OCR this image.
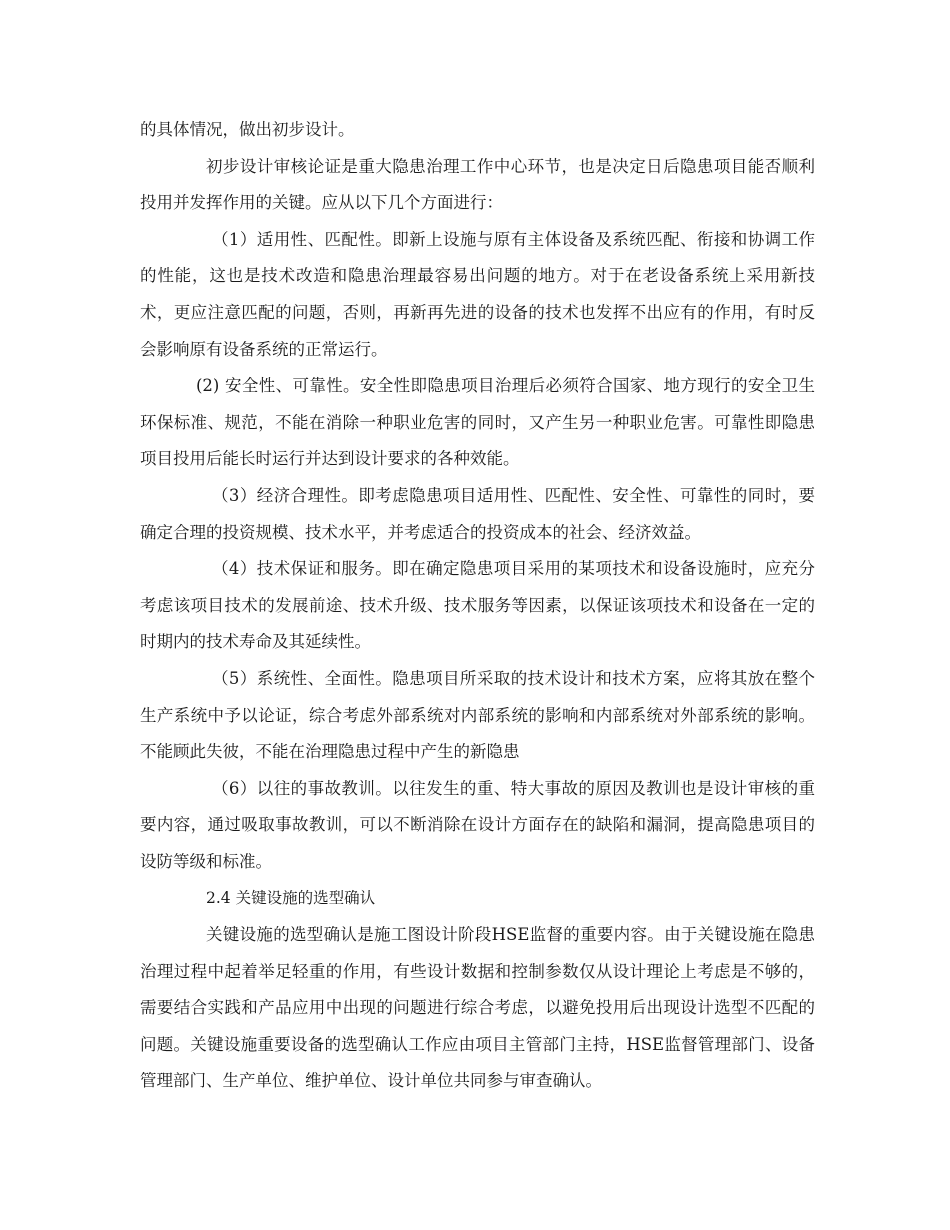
的具体情况，做出初步设计。

初步设计审核论证是重大隐患治理工作中心环节，也是决定日后隐患项目能否顺利投用并发挥作用的关键。应从以下几个方面进行：

（1）适用性、匹配性。即新上设施与原有主体设备及系统匹配、衔接和协调工作的性能，这也是技术改造和隐患治理最容易出问题的地方。对于在老设备系统上采用新技术，更应注意匹配的问题，否则，再新再先进的设备的技术也发挥不出应有的作用，有时反会影响原有设备系统的正常运行。

(2) 安全性、可靠性。安全性即隐患项目治理后必须符合国家、地方现行的安全卫生环保标准、规范，不能在消除一种职业危害的同时，又产生另一种职业危害。可靠性即隐患项目投用后能长时运行并达到设计要求的各种效能。

（3）经济合理性。即考虑隐患项目适用性、匹配性、安全性、可靠性的同时，要确定合理的投资规模、技术水平，并考虑适合的投资成本的社会、经济效益。

（4）技术保证和服务。即在确定隐患项目采用的某项技术和设备设施时，应充分考虑该项目技术的发展前途、技术升级、技术服务等因素，以保证该项技术和设备在一定的时期内的技术寿命及其延续性。

（5）系统性、全面性。隐患项目所采取的技术设计和技术方案，应将其放在整个生产系统中予以论证，综合考虑外部系统对内部系统的影响和内部系统对外部系统的影响。不能顾此失彼，不能在治理隐患过程中产生的新隐患

（6）以往的事故教训。以往发生的重、特大事故的原因及教训也是设计审核的重要内容，通过吸取事故教训，可以不断消除在设计方面存在的缺陷和漏洞，提高隐患项目的设防等级和标准。

2.4 关键设施的选型确认

关键设施的选型确认是施工图设计阶段HSE监督的重要内容。由于关键设施在隐患治理过程中起着举足轻重的作用，有些设计数据和控制参数仅从设计理论上考虑是不够的，需要结合实践和产品应用中出现的问题进行综合考虑，以避免投用后出现设计选型不匹配的问题。关键设施重要设备的选型确认工作应由项目主管部门主持，HSE监督管理部门、设备管理部门、生产单位、维护单位、设计单位共同参与审查确认。
